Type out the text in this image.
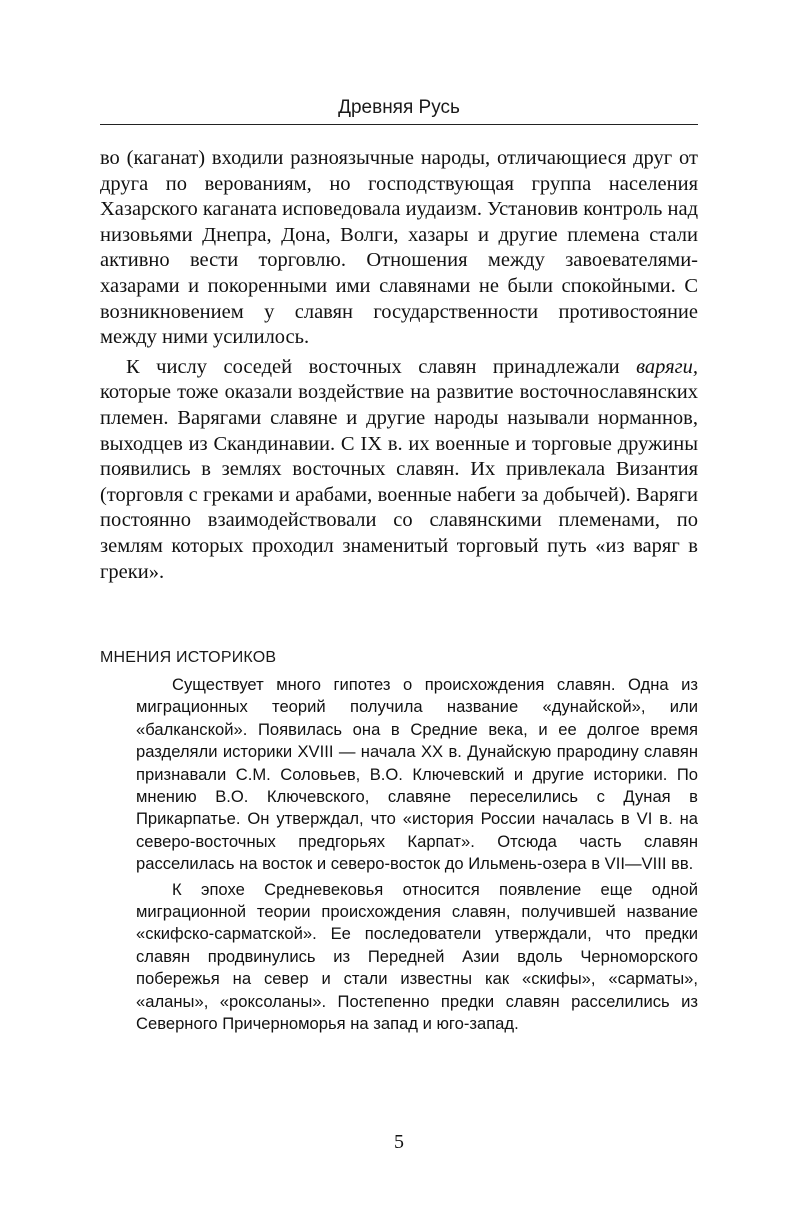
Древняя Русь

во (каганат) входили разноязычные народы, отличающиеся друг от друга по верованиям, но господствующая группа населения Хазарского каганата исповедовала иудаизм. Установив контроль над низовьями Днепра, Дона, Волги, хазары и другие племена стали активно вести торговлю. Отношения между завоевателями-хазарами и покоренными ими славянами не были спокойными. С возникновением у славян государственности противостояние между ними усилилось.

К числу соседей восточных славян принадлежали варяги, которые тоже оказали воздействие на развитие восточнославянских племен. Варягами славяне и другие народы называли норманнов, выходцев из Скандинавии. С IX в. их военные и торговые дружины появились в землях восточных славян. Их привлекала Византия (торговля с греками и арабами, военные набеги за добычей). Варяги постоянно взаимодействовали со славянскими племенами, по землям которых проходил знаменитый торговый путь «из варяг в греки».

МНЕНИЯ ИСТОРИКОВ

Существует много гипотез о происхождения славян. Одна из миграционных теорий получила название «дунайской», или «балканской». Появилась она в Средние века, и ее долгое время разделяли историки XVIII — начала XX в. Дунайскую прародину славян признавали С.М. Соловьев, В.О. Ключевский и другие историки. По мнению В.О. Ключевского, славяне переселились с Дуная в Прикарпатье. Он утверждал, что «история России началась в VI в. на северо-восточных предгорьях Карпат». Отсюда часть славян расселилась на восток и северо-восток до Ильмень-озера в VII—VIII вв.

К эпохе Средневековья относится появление еще одной миграционной теории происхождения славян, получившей название «скифско-сарматской». Ее последователи утверждали, что предки славян продвинулись из Передней Азии вдоль Черноморского побережья на север и стали известны как «скифы», «сарматы», «аланы», «роксоланы». Постепенно предки славян расселились из Северного Причерноморья на запад и юго-запад.

5
